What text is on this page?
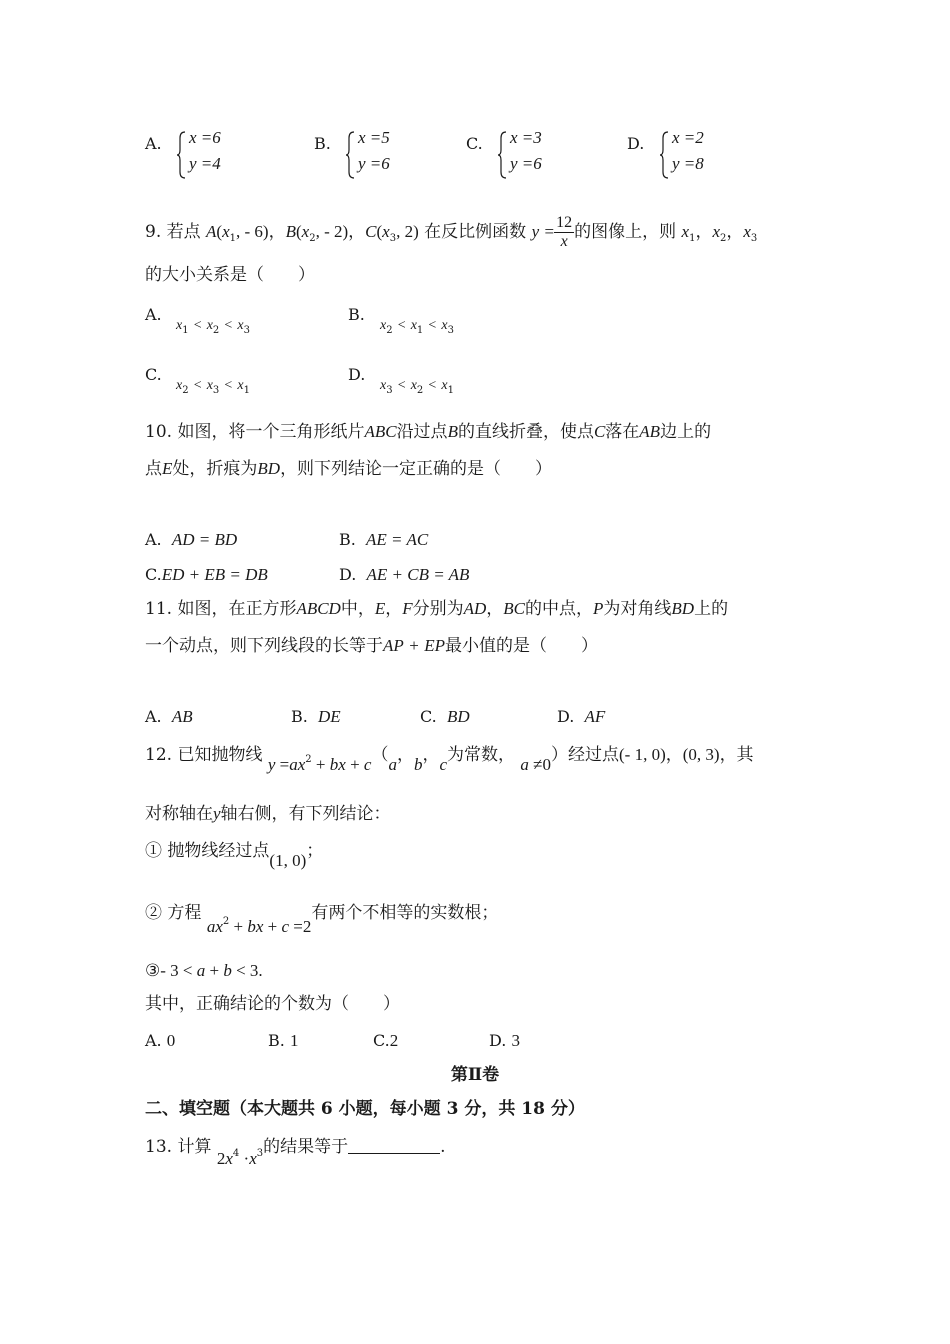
A. x =6
y =4
B. x =5
y =6
C. x =3
y =6
D. x =2
y =8
9. 若点 $A(x_1$, - 6)，$B(x_2$, - 2)，$C(x_3$, 2) 在反比例函数 $y = \frac{12}{x}$ 的图像上，则 $x_1$，$x_2$，$x_3$
的大小关系是（　　）
A.
$x_1 < x_2 < x_3$
B.
$x_2 < x_1 < x_3$
C.
$x_2 < x_3 < x_1$
D.
$x_3 < x_2 < x_1$
10. 如图，将一个三角形纸片ABC沿过点B的直线折叠，使点C落在AB边上的
点E处，折痕为BD，则下列结论一定正确的是（　　）
A. AD = BD	B. AE = AC
C.ED + EB = DB	D. AE + CB = AB
11. 如图，在正方形ABCD中，E，F分别为AD，BC的中点，P为对角线BD上的
一个动点，则下列线段的长等于AP + EP最小值的是（　　）
A. AB	B. DE	C. BD	D. AF
12. 已知抛物线 $y =ax^2$ + bx + c（a，b，c为常数， a ≠0）经过点(- 1, 0)，(0, 3)，其
对称轴在y轴右侧，有下列结论：
① 抛物线经过点(1, 0)；
② 方程 $ax_2$ + bx + c =2有两个不相等的实数根；
③- 3 < a + b < 3.
其中，正确结论的个数为（　　）
A. 0	B. 1	C.2	D. 3
第Ⅱ卷
二、填空题（本大题共 6 小题，每小题 3 分，共 18 分）
13. 计算 $2x_4 \cdot x_3$的结果等于	.
